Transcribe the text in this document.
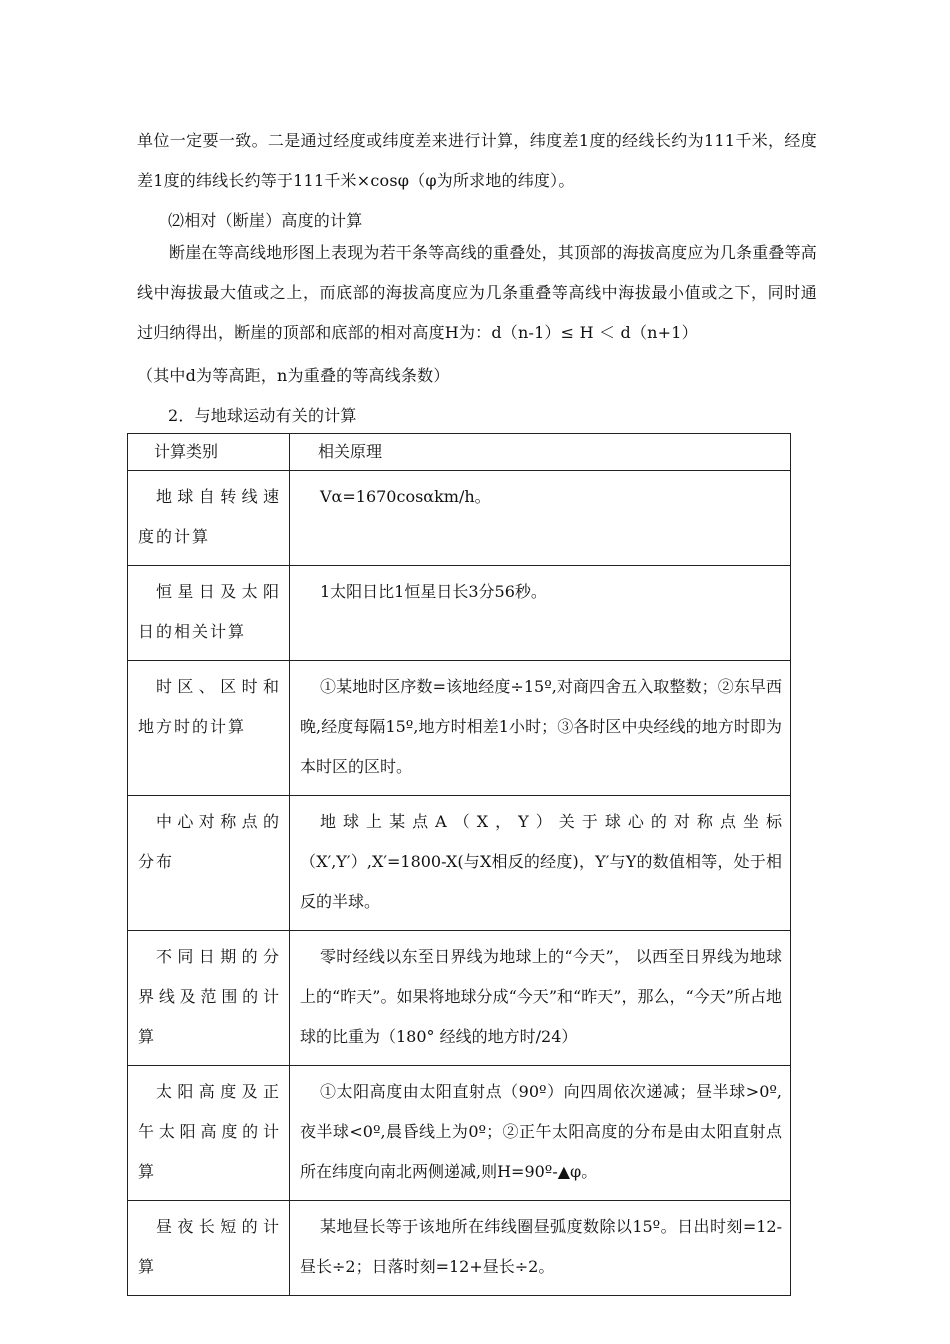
单位一定要一致。二是通过经度或纬度差来进行计算，纬度差1度的经线长约为111千米，经度差1度的纬线长约等于111千米×cosφ（φ为所求地的纬度）。

⑵相对（断崖）高度的计算

断崖在等高线地形图上表现为若干条等高线的重叠处，其顶部的海拔高度应为几条重叠等高线中海拔最大值或之上，而底部的海拔高度应为几条重叠等高线中海拔最小值或之下，同时通过归纳得出，断崖的顶部和底部的相对高度H为：d（n-1）≤ H ＜ d（n+1）

（其中d为等高距，n为重叠的等高线条数）

2．与地球运动有关的计算

计算类别	相关原理
地球自转线速度的计算	Vα=1670cosαkm/h。
恒星日及太阳日的相关计算	1太阳日比1恒星日长3分56秒。
时区、区时和地方时的计算	①某地时区序数=该地经度÷15º,对商四舍五入取整数；②东早西晚,经度每隔15º,地方时相差1小时；③各时区中央经线的地方时即为本时区的区时。
中心对称点的分布	地球上某点A（X，Y）关于球心的对称点坐标（X′,Y′）,X′=1800-X(与X相反的经度)，Y′与Y的数值相等，处于相反的半球。
不同日期的分界线及范围的计算	零时经线以东至日界线为地球上的“今天”， 以西至日界线为地球上的“昨天”。如果将地球分成“今天”和“昨天”，那么，“今天”所占地球的比重为（180° 经线的地方时/24）
太阳高度及正午太阳高度的计算	①太阳高度由太阳直射点（90º）向四周依次递减；昼半球>0º,夜半球<0º,晨昏线上为0º；②正午太阳高度的分布是由太阳直射点所在纬度向南北两侧递减,则H=90º-▲φ。
昼夜长短的计算	某地昼长等于该地所在纬线圈昼弧度数除以15º。日出时刻=12-昼长÷2；日落时刻=12+昼长÷2。
